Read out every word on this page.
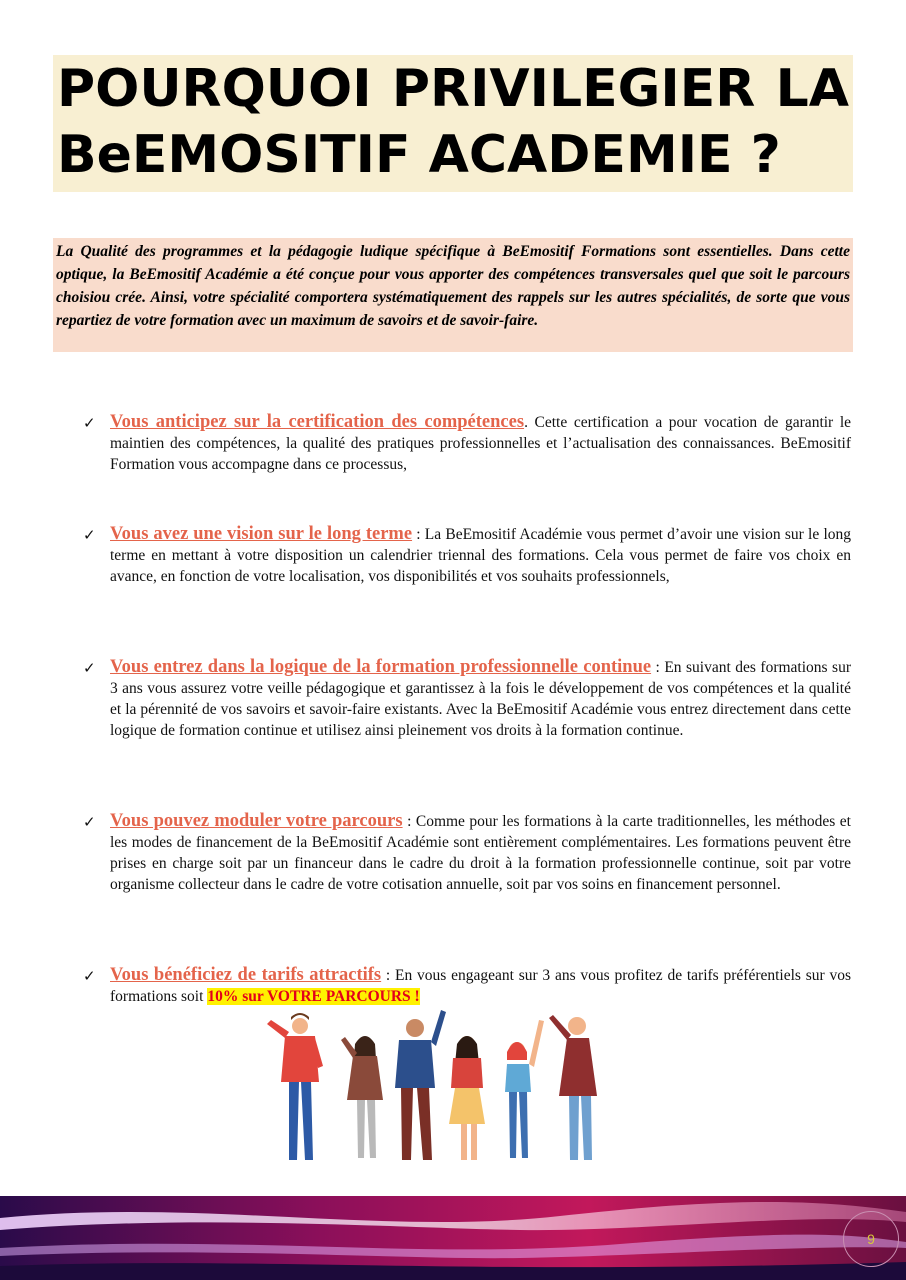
POURQUOI PRIVILEGIER LA
BeEMOSITIF ACADEMIE ?
La Qualité des programmes et la pédagogie ludique spécifique à BeEmositif Formations sont essentielles. Dans cette optique, la BeEmositif Académie a été conçue pour vous apporter des compétences transversales quel que soit le parcours choisiou crée. Ainsi, votre spécialité comportera systématiquement des rappels sur les autres spécialités, de sorte que vous repartiez de votre formation avec un maximum de savoirs et de savoir-faire.
✓ Vous anticipez sur la certification des compétences. Cette certification a pour vocation de garantir le maintien des compétences, la qualité des pratiques professionnelles et l’actualisation des connaissances. BeEmositif Formation vous accompagne dans ce processus,
✓ Vous avez une vision sur le long terme : La BeEmositif Académie vous permet d’avoir une vision sur le long terme en mettant à votre disposition un calendrier triennal des formations. Cela vous permet de faire vos choix en avance, en fonction de votre localisation, vos disponibilités et vos souhaits professionnels,
✓ Vous entrez dans la logique de la formation professionnelle continue : En suivant des formations sur 3 ans vous assurez votre veille pédagogique et garantissez à la fois le développement de vos compétences et la qualité et la pérennité de vos savoirs et savoir-faire existants. Avec la BeEmositif Académie vous entrez directement dans cette logique de formation continue et utilisez ainsi pleinement vos droits à la formation continue.
✓ Vous pouvez moduler votre parcours : Comme pour les formations à la carte traditionnelles, les méthodes et les modes de financement de la BeEmositif Académie sont entièrement complémentaires. Les formations peuvent être prises en charge soit par un financeur dans le cadre du droit à la formation professionnelle continue, soit par votre organisme collecteur dans le cadre de votre cotisation annuelle, soit par vos soins en financement personnel.
✓ Vous bénéficiez de tarifs attractifs : En vous engageant sur 3 ans vous profitez de tarifs préférentiels sur vos formations soit 10% sur VOTRE PARCOURS !
9
